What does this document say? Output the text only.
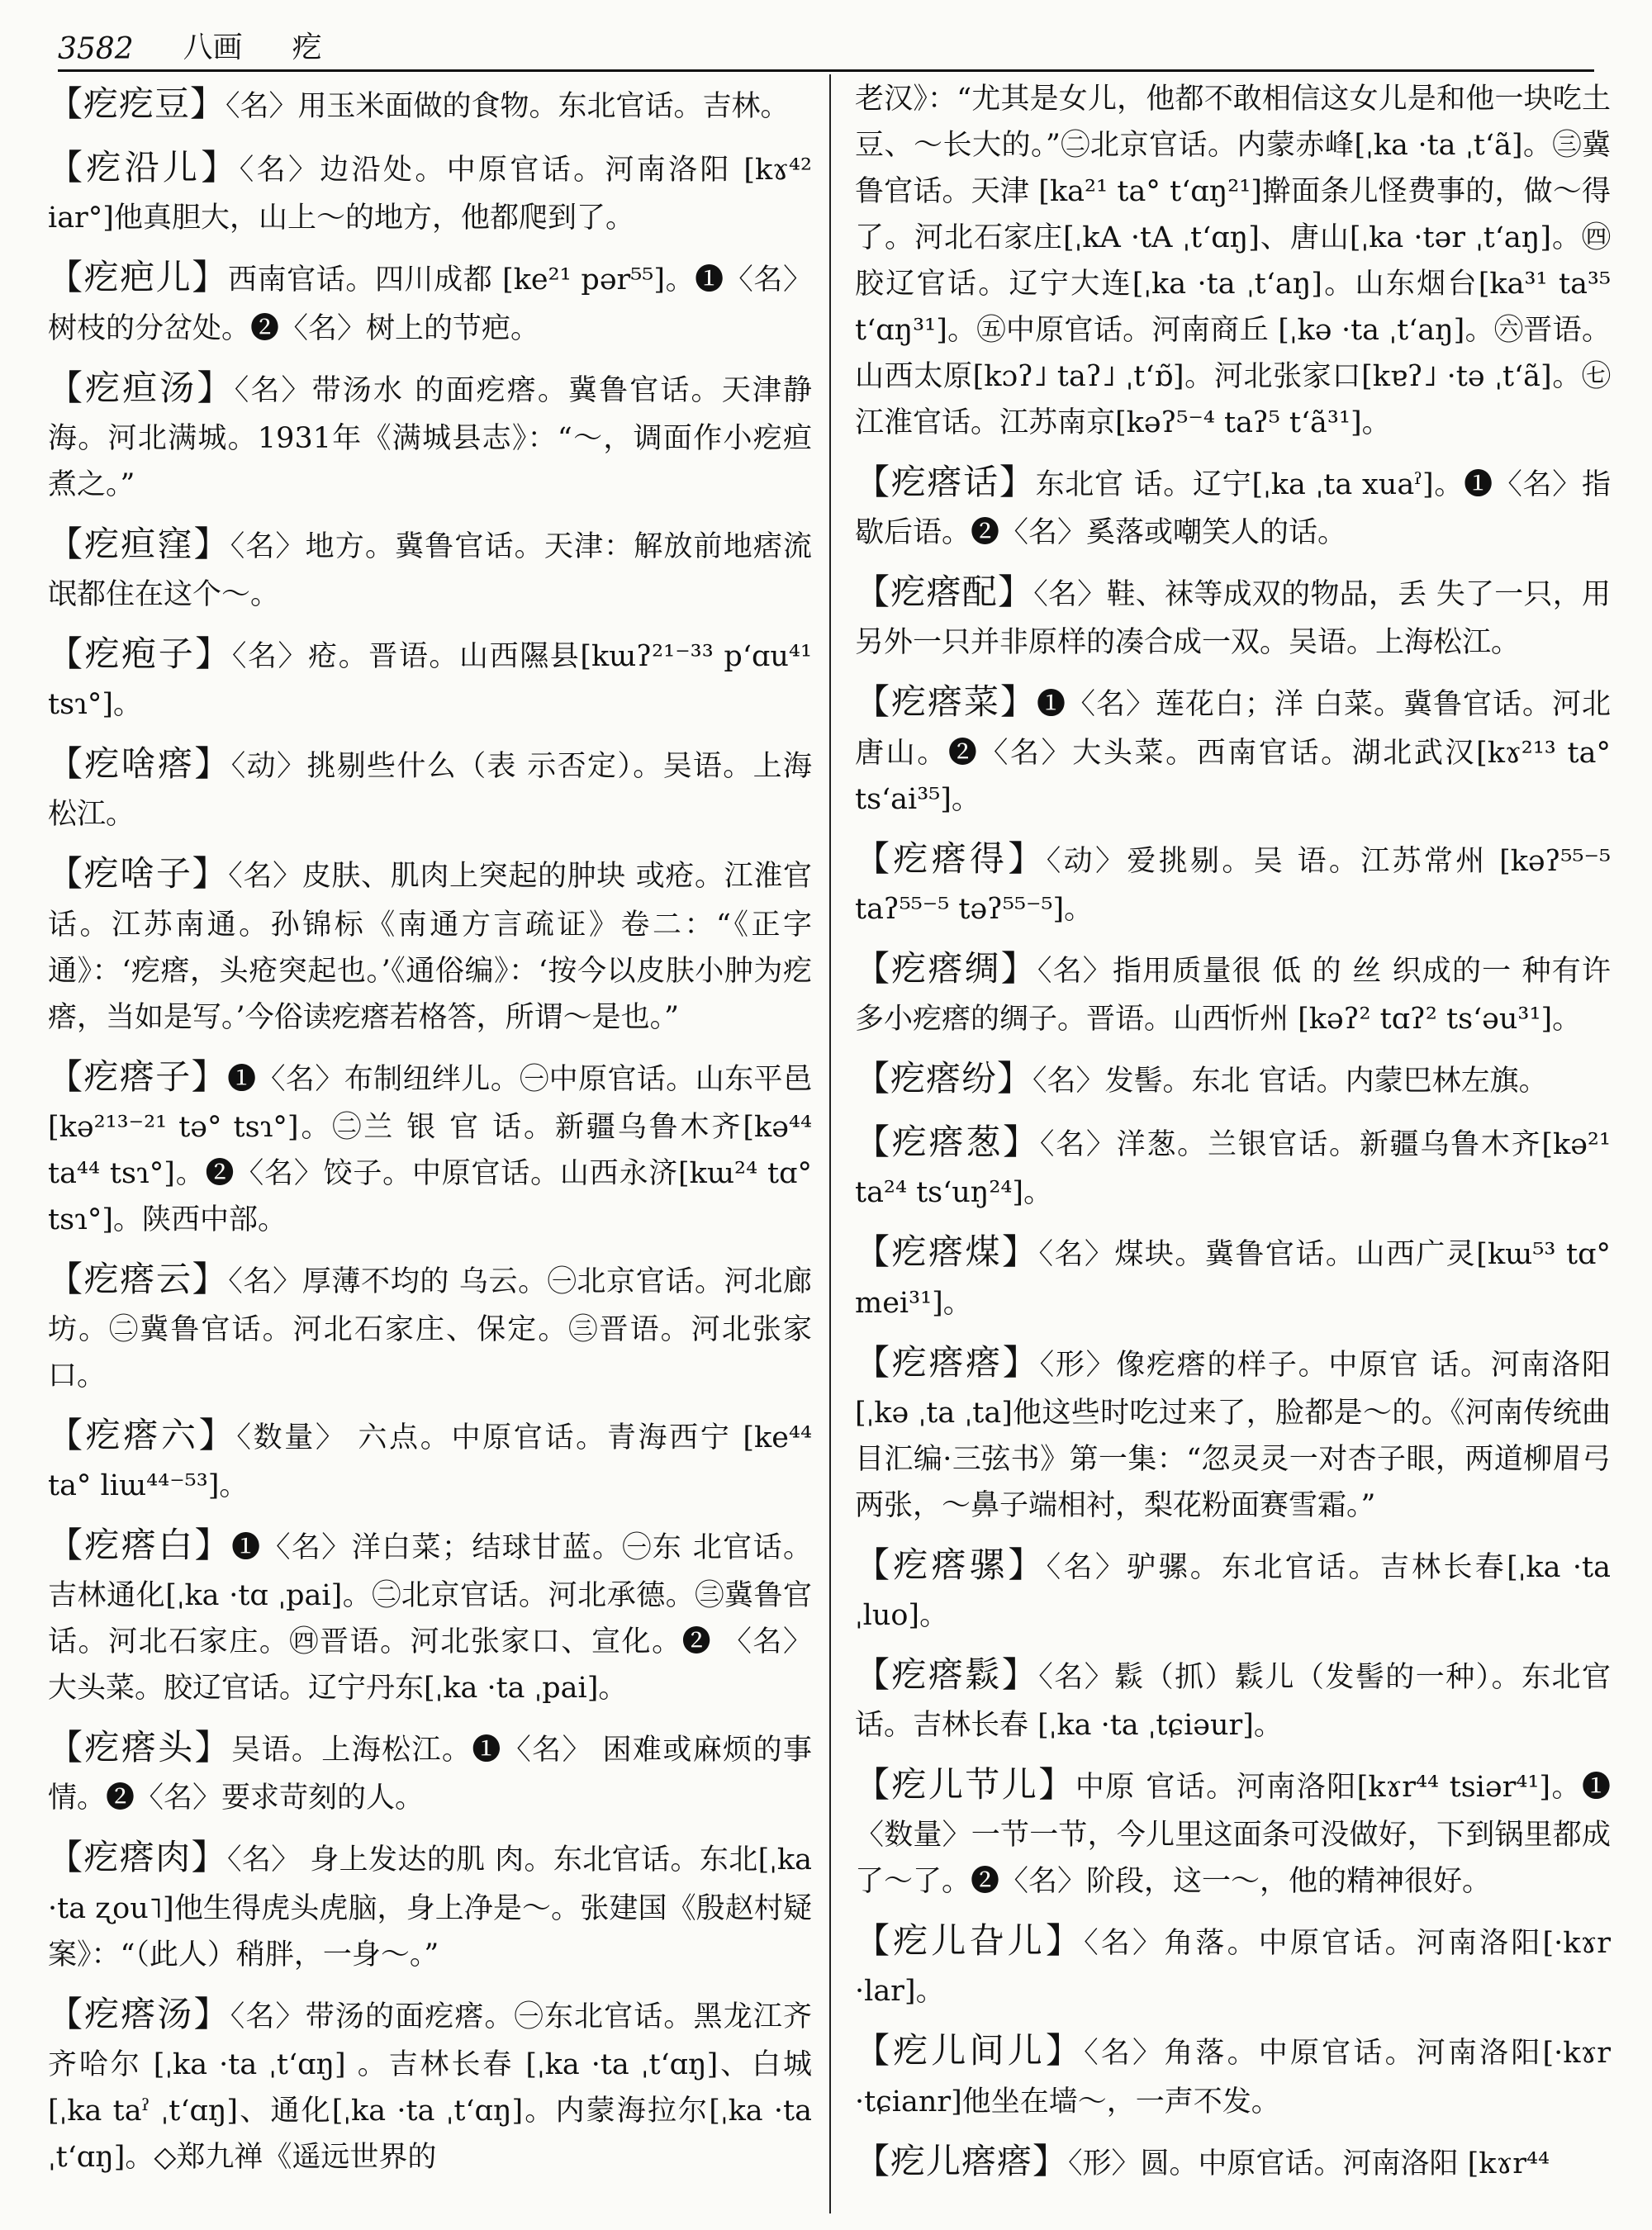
3582 八画 疙

【疙疙豆】〈名〉用玉米面做的食物。东北官话。吉林。

【疙沿儿】〈名〉边沿处。中原官话。河南洛阳 [kɤ⁴² iar°]他真胆大，山上～的地方，他都爬到了。

【疙疤儿】西南官话。四川成都 [ke²¹ pər⁵⁵]。❶〈名〉树枝的分岔处。❷〈名〉树上的节疤。

【疙疸汤】〈名〉带汤水 的面疙瘩。冀鲁官话。天津静海。河北满城。1931年《满城县志》：“～，调面作小疙疸煮之。”

【疙疸窪】〈名〉地方。冀鲁官话。天津：解放前地痞流氓都住在这个～。

【疙疱子】〈名〉疮。晋语。山西隰县[kɯʔ²¹⁻³³ pʻɑu⁴¹ tsɿ°]。

【疙啥瘩】〈动〉挑剔些什么（表 示否定）。吴语。上海松江。

【疙啥子】〈名〉皮肤、肌肉上突起的肿块 或疮。江淮官话。江苏南通。孙锦标《南通方言疏证》卷二：“《正字通》：‘疙瘩，头疮突起也。’《通俗编》：‘按今以皮肤小肿为疙瘩，当如是写。’今俗读疙瘩若格答，所谓～是也。”

【疙瘩子】❶〈名〉布制纽绊儿。㊀中原官话。山东平邑[kə²¹³⁻²¹ tə° tsɿ°]。㊁兰 银 官 话。新疆乌鲁木齐[kə⁴⁴ ta⁴⁴ tsɿ°]。❷〈名〉饺子。中原官话。山西永济[kɯ²⁴ tɑ° tsɿ°]。陕西中部。

【疙瘩云】〈名〉厚薄不均的 乌云。㊀北京官话。河北廊坊。㊁冀鲁官话。河北石家庄、保定。㊂晋语。河北张家口。

【疙瘩六】〈数量〉 六点。中原官话。青海西宁 [ke⁴⁴ ta° liɯ⁴⁴⁻⁵³]。

【疙瘩白】❶〈名〉洋白菜；结球甘蓝。㊀东 北官话。吉林通化[ˌka ·tɑ ˌpai]。㊁北京官话。河北承德。㊂冀鲁官话。河北石家庄。㊃晋语。河北张家口、宣化。❷ 〈名〉 大头菜。胶辽官话。辽宁丹东[ˌka ·ta ˌpai]。

【疙瘩头】吴语。上海松江。❶〈名〉 困难或麻烦的事情。❷〈名〉要求苛刻的人。

【疙瘩肉】〈名〉 身上发达的肌 肉。东北官话。东北[ˌka ·ta ʐou˥]他生得虎头虎脑，身上净是～。张建国《殷赵村疑案》：“（此人）稍胖，一身～。”

【疙瘩汤】〈名〉带汤的面疙瘩。㊀东北官话。黑龙江齐齐哈尔 [ˌka ·ta ˌtʻɑŋ] 。吉林长春 [ˌka ·ta ˌtʻɑŋ]、白城[ˌka taˀ ˌtʻɑŋ]、通化[ˌka ·ta ˌtʻɑŋ]。内蒙海拉尔[ˌka ·ta ˌtʻɑŋ]。◇郑九禅《遥远世界的

老汉》：“尤其是女儿，他都不敢相信这女儿是和他一块吃土豆、～长大的。”㊁北京官话。内蒙赤峰[ˌka ·ta ˌtʻã]。㊂冀鲁官话。天津 [ka²¹ ta° tʻɑŋ²¹]擀面条儿怪费事的，做～得了。河北石家庄[ˌkA ·tA ˌtʻɑŋ]、唐山[ˌka ·tər ˌtʻaŋ]。㊃胶辽官话。辽宁大连[ˌka ·ta ˌtʻaŋ]。山东烟台[ka³¹ ta³⁵ tʻɑŋ³¹]。㊄中原官话。河南商丘 [ˌkə ·ta ˌtʻaŋ]。㊅晋语。山西太原[kɔʔ˩ taʔ˩ ˌtʻɒ̃]。河北张家口[kɐʔ˩ ·tə ˌtʻã]。㊆江淮官话。江苏南京[kəʔ⁵⁻⁴ taʔ⁵ tʻã³¹]。

【疙瘩话】东北官 话。辽宁[ˌka ˌta xuaˀ]。❶〈名〉指歇后语。❷〈名〉奚落或嘲笑人的话。

【疙瘩配】〈名〉鞋、袜等成双的物品，丢 失了一只，用另外一只并非原样的凑合成一双。吴语。上海松江。

【疙瘩菜】❶〈名〉莲花白；洋 白菜。冀鲁官话。河北唐山。❷〈名〉大头菜。西南官话。湖北武汉[kɤ²¹³ ta° tsʻai³⁵]。

【疙瘩得】〈动〉爱挑剔。吴 语。江苏常州 [kəʔ⁵⁵⁻⁵ taʔ⁵⁵⁻⁵ təʔ⁵⁵⁻⁵]。

【疙瘩绸】〈名〉指用质量很 低 的 丝 织成的一 种有许多小疙瘩的绸子。晋语。山西忻州 [kəʔ² tɑʔ² tsʻəu³¹]。

【疙瘩纷】〈名〉发髻。东北 官话。内蒙巴林左旗。

【疙瘩葱】〈名〉洋葱。兰银官话。新疆乌鲁木齐[kə²¹ ta²⁴ tsʻuŋ²⁴]。

【疙瘩煤】〈名〉煤块。冀鲁官话。山西广灵[kɯ⁵³ tɑ° mei³¹]。

【疙瘩瘩】〈形〉像疙瘩的样子。中原官 话。河南洛阳[ˌkə ˌta ˌta]他这些时吃过来了，脸都是～的。《河南传统曲目汇编·三弦书》第一集：“忽灵灵一对杏子眼，两道柳眉弓两张，～鼻子端相衬，梨花粉面赛雪霜。”

【疙瘩骡】〈名〉驴骡。东北官话。吉林长春[ˌka ·ta ˌluo]。

【疙瘩鬏】〈名〉鬏（抓）鬏儿（发髻的一种）。东北官话。吉林长春 [ˌka ·ta ˌtɕiəur]。

【疙儿节儿】中原 官话。河南洛阳[kɤr⁴⁴ tsiər⁴¹]。❶〈数量〉一节一节，今儿里这面条可没做好，下到锅里都成了～了。❷〈名〉阶段，这一～，他的精神很好。

【疙儿旮儿】〈名〉角落。中原官话。河南洛阳[·kɤr ·lar]。

【疙儿间儿】〈名〉角落。中原官话。河南洛阳[·kɤr ·tɕianr]他坐在墙～，一声不发。

【疙儿瘩瘩】〈形〉圆。中原官话。河南洛阳 [kɤr⁴⁴
